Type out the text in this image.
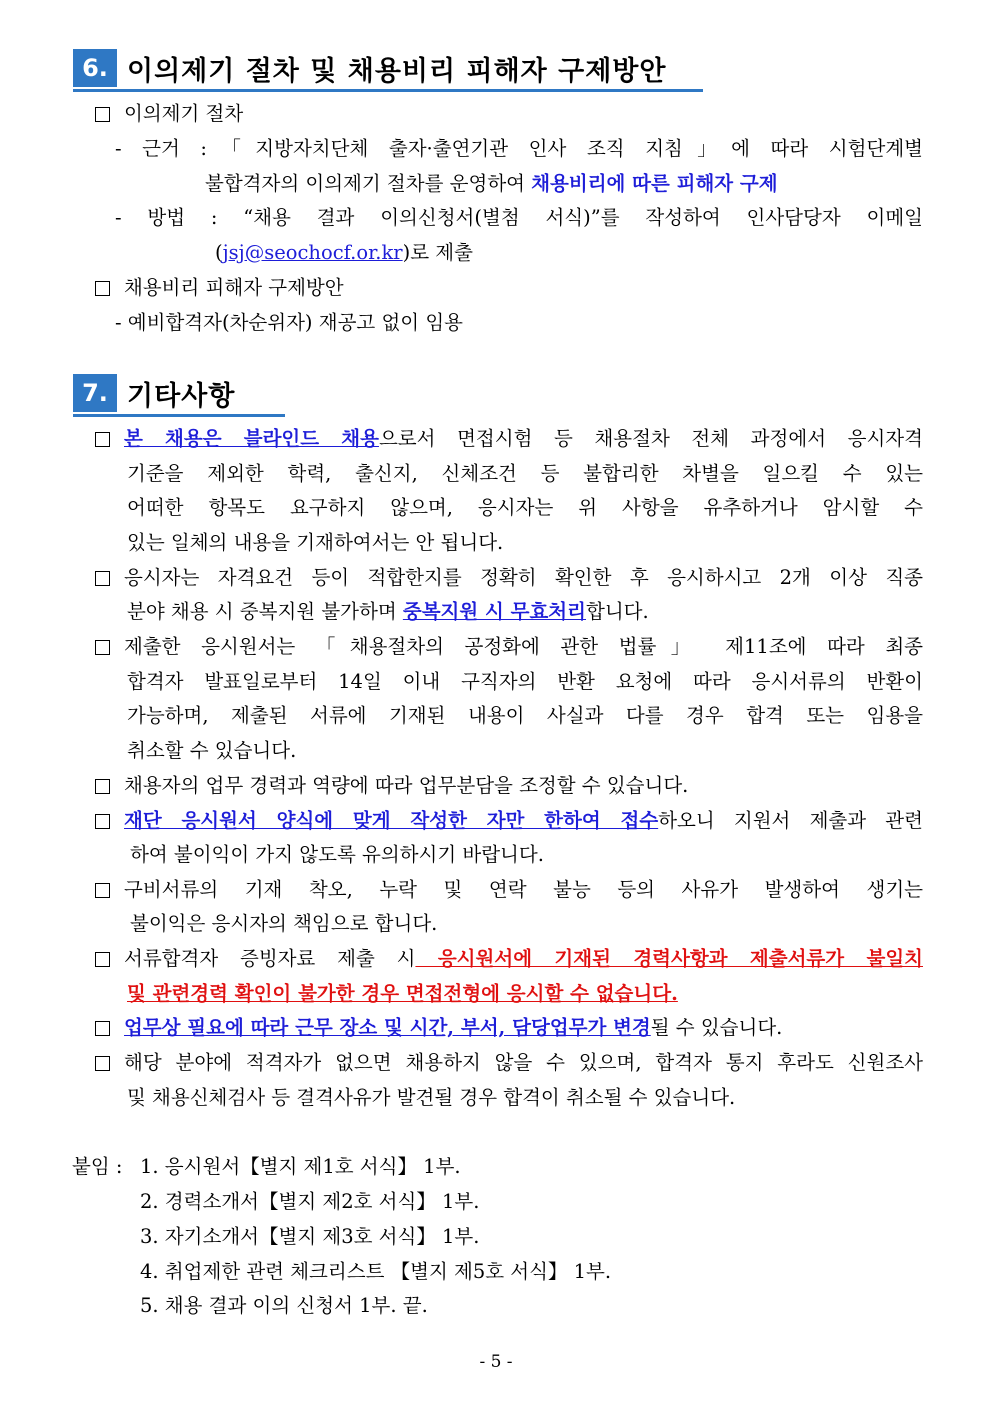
6. 이의제기 절차 및 채용비리 피해자 구제방안
이의제기 절차
- 근거 :「지방자치단체 출자·출연기관 인사 조직 지침」에 따라 시험단계별
불합격자의 이의제기 절차를 운영하여 채용비리에 따른 피해자 구제
- 방법 : “채용 결과 이의신청서(별첨 서식)”를 작성하여 인사담당자 이메일
(jsj@seochocf.or.kr)로 제출
채용비리 피해자 구제방안
- 예비합격자(차순위자) 재공고 없이 임용
7. 기타사항
본 채용은 블라인드 채용으로서 면접시험 등 채용절차 전체 과정에서 응시자격
기준을 제외한 학력, 출신지, 신체조건 등 불합리한 차별을 일으킬 수 있는
어떠한 항목도 요구하지 않으며, 응시자는 위 사항을 유추하거나 암시할 수
있는 일체의 내용을 기재하여서는 안 됩니다.
응시자는 자격요건 등이 적합한지를 정확히 확인한 후 응시하시고 2개 이상 직종
분야 채용 시 중복지원 불가하며 중복지원 시 무효처리합니다.
제출한 응시원서는 「채용절차의 공정화에 관한 법률」 제11조에 따라 최종
합격자 발표일로부터 14일 이내 구직자의 반환 요청에 따라 응시서류의 반환이
가능하며, 제출된 서류에 기재된 내용이 사실과 다를 경우 합격 또는 임용을
취소할 수 있습니다.
채용자의 업무 경력과 역량에 따라 업무분담을 조정할 수 있습니다.
재단 응시원서 양식에 맞게 작성한 자만 한하여 접수하오니 지원서 제출과 관련
하여 불이익이 가지 않도록 유의하시기 바랍니다.
구비서류의 기재 착오, 누락 및 연락 불능 등의 사유가 발생하여 생기는
불이익은 응시자의 책임으로 합니다.
서류합격자 증빙자료 제출 시 응시원서에 기재된 경력사항과 제출서류가 불일치
및 관련경력 확인이 불가한 경우 면접전형에 응시할 수 없습니다.
업무상 필요에 따라 근무 장소 및 시간, 부서, 담당업무가 변경될 수 있습니다.
해당 분야에 적격자가 없으면 채용하지 않을 수 있으며, 합격자 통지 후라도 신원조사
및 채용신체검사 등 결격사유가 발견될 경우 합격이 취소될 수 있습니다.
붙임 : 1. 응시원서【별지 제1호 서식】 1부.
2. 경력소개서【별지 제2호 서식】 1부.
3. 자기소개서【별지 제3호 서식】 1부.
4. 취업제한 관련 체크리스트 【별지 제5호 서식】 1부.
5. 채용 결과 이의 신청서 1부. 끝.
- 5 -
